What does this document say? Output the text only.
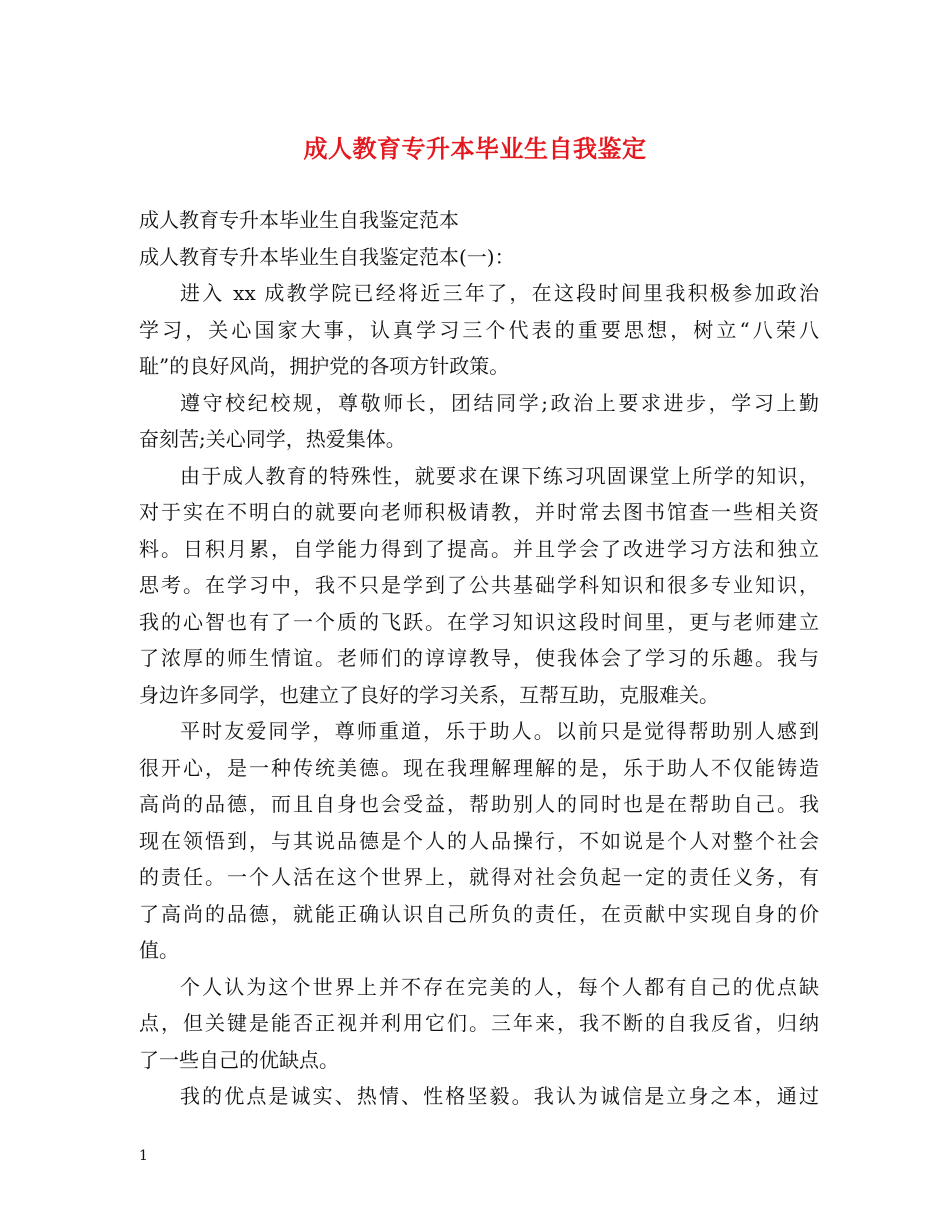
成人教育专升本毕业生自我鉴定
成人教育专升本毕业生自我鉴定范本
成人教育专升本毕业生自我鉴定范本(一)：
进入 xx 成教学院已经将近三年了，在这段时间里我积极参加政治
学习，关心国家大事，认真学习三个代表的重要思想，树立“八荣八
耻”的良好风尚，拥护党的各项方针政策。
遵守校纪校规，尊敬师长，团结同学;政治上要求进步，学习上勤
奋刻苦;关心同学，热爱集体。
由于成人教育的特殊性，就要求在课下练习巩固课堂上所学的知识，
对于实在不明白的就要向老师积极请教，并时常去图书馆查一些相关资
料。日积月累，自学能力得到了提高。并且学会了改进学习方法和独立
思考。在学习中，我不只是学到了公共基础学科知识和很多专业知识，
我的心智也有了一个质的飞跃。在学习知识这段时间里，更与老师建立
了浓厚的师生情谊。老师们的谆谆教导，使我体会了学习的乐趣。我与
身边许多同学，也建立了良好的学习关系，互帮互助，克服难关。
平时友爱同学，尊师重道，乐于助人。以前只是觉得帮助别人感到
很开心，是一种传统美德。现在我理解理解的是，乐于助人不仅能铸造
高尚的品德，而且自身也会受益，帮助别人的同时也是在帮助自己。我
现在领悟到，与其说品德是个人的人品操行，不如说是个人对整个社会
的责任。一个人活在这个世界上，就得对社会负起一定的责任义务，有
了高尚的品德，就能正确认识自己所负的责任，在贡献中实现自身的价
值。
个人认为这个世界上并不存在完美的人，每个人都有自己的优点缺
点，但关键是能否正视并利用它们。三年来，我不断的自我反省，归纳
了一些自己的优缺点。
我的优点是诚实、热情、性格坚毅。我认为诚信是立身之本，通过
1
